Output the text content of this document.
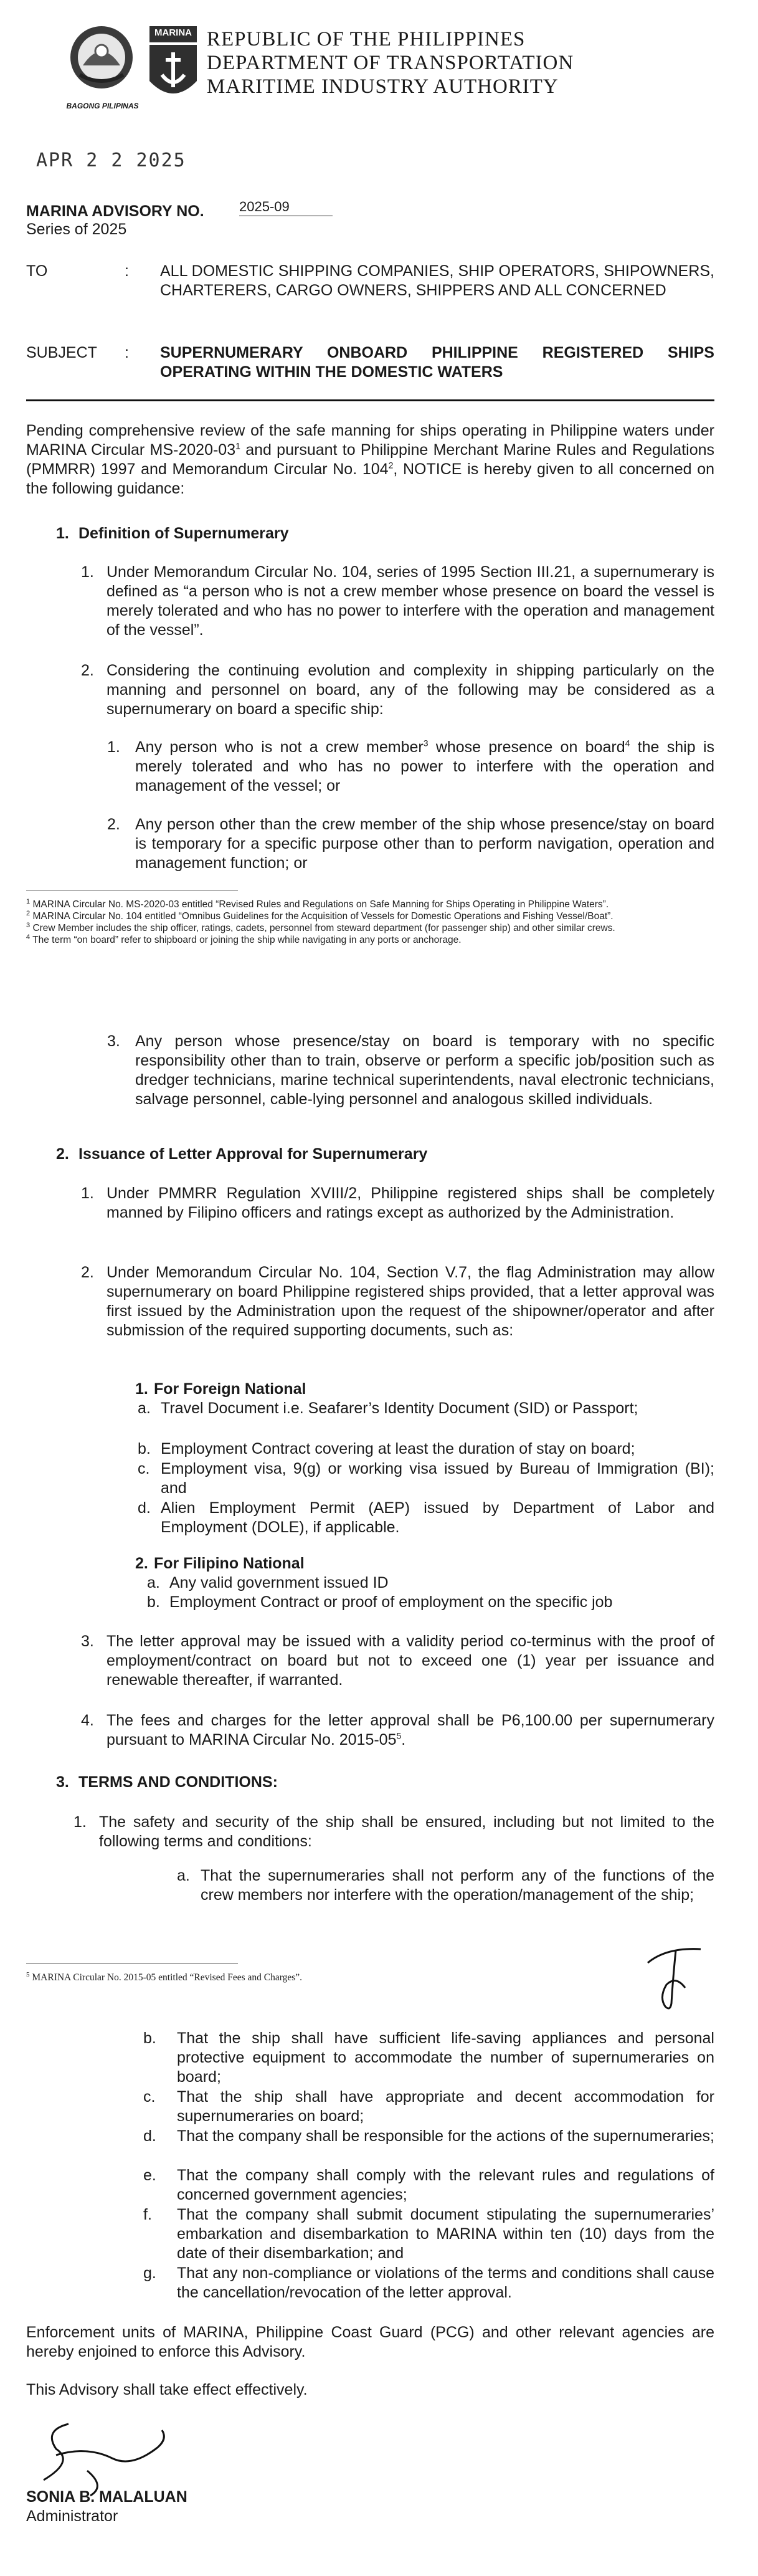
BAGONG PILIPINAS
MARINA REPUBLIC OF THE PHILIPPINES
DEPARTMENT OF TRANSPORTATION
MARITIME INDUSTRY AUTHORITY
APR 2 2 2025
MARINA ADVISORY NO.	2025-09
Series of 2025
TO	: ALL DOMESTIC SHIPPING COMPANIES, SHIP OPERATORS, SHIPOWNERS, CHARTERERS, CARGO OWNERS, SHIPPERS AND ALL CONCERNED
SUBJECT : SUPERNUMERARY ONBOARD PHILIPPINE REGISTERED SHIPS OPERATING WITHIN THE DOMESTIC WATERS
Pending comprehensive review of the safe manning for ships operating in Philippine waters under MARINA Circular $MS-2020-03^1$ and pursuant to Philippine Merchant Marine Rules and Regulations (PMMRR) 1997 and Memorandum Circular No. $104^2$, NOTICE is hereby given to all concerned on the following guidance:
1. Definition of Supernumerary
1. Under Memorandum Circular No. 104, series of 1995 Section III.21, a supernumerary is defined as “a person who is not a crew member whose presence on board the vessel is merely tolerated and who has no power to interfere with the operation and management of the vessel”.
2. Considering the continuing evolution and complexity in shipping particularly on the manning and personnel on board, any of the following may be considered as a supernumerary on board a specific ship:
1. Any person who is not a crew member$^3$ whose presence on board$^4$ the ship is merely tolerated and who has no power to interfere with the operation and management of the vessel; or
2. Any person other than the crew member of the ship whose presence/stay on board is temporary for a specific purpose other than to perform navigation, operation and management function; or
$^1$ MARINA Circular No. MS-2020-03 entitled “Revised Rules and Regulations on Safe Manning for Ships Operating in Philippine Waters”.
$^2$ MARINA Circular No. 104 entitled “Omnibus Guidelines for the Acquisition of Vessels for Domestic Operations and Fishing Vessel/Boat”.
$^3$ Crew Member includes the ship officer, ratings, cadets, personnel from steward department (for passenger ship) and other similar crews.
$^4$ The term “on board” refer to shipboard or joining the ship while navigating in any ports or anchorage.
3. Any person whose presence/stay on board is temporary with no specific responsibility other than to train, observe or perform a specific job/position such as dredger technicians, marine technical superintendents, naval electronic technicians, salvage personnel, cable-lying personnel and analogous skilled individuals.
2. Issuance of Letter Approval for Supernumerary
1. Under PMMRR Regulation XVIII/2, Philippine registered ships shall be completely manned by Filipino officers and ratings except as authorized by the Administration.
2. Under Memorandum Circular No. 104, Section V.7, the flag Administration may allow supernumerary on board Philippine registered ships provided, that a letter approval was first issued by the Administration upon the request of the shipowner/operator and after submission of the required supporting documents, such as:
1. For Foreign National
a. Travel Document i.e. Seafarer’s Identity Document (SID) or Passport;
b. Employment Contract covering at least the duration of stay on board;
c. Employment visa, 9(g) or working visa issued by Bureau of Immigration (BI); and
d. Alien Employment Permit (AEP) issued by Department of Labor and Employment (DOLE), if applicable.
2. For Filipino National
a. Any valid government issued ID
b. Employment Contract or proof of employment on the specific job
3. The letter approval may be issued with a validity period co-terminus with the proof of employment/contract on board but not to exceed one (1) year per issuance and renewable thereafter, if warranted.
4. The fees and charges for the letter approval shall be P6,100.00 per supernumerary pursuant to MARINA Circular No. $2015-05^5$.
3. TERMS AND CONDITIONS:
1. The safety and security of the ship shall be ensured, including but not limited to the following terms and conditions:
a. That the supernumeraries shall not perform any of the functions of the crew members nor interfere with the operation/management of the ship;
$^5$ MARINA Circular No. 2015-05 entitled “Revised Fees and Charges”.
b. That the ship shall have sufficient life-saving appliances and personal protective equipment to accommodate the number of supernumeraries on board;
c. That the ship shall have appropriate and decent accommodation for supernumeraries on board;
d. That the company shall be responsible for the actions of the supernumeraries;
e. That the company shall comply with the relevant rules and regulations of concerned government agencies;
f. That the company shall submit document stipulating the supernumeraries’ embarkation and disembarkation to MARINA within ten (10) days from the date of their disembarkation; and
g. That any non-compliance or violations of the terms and conditions shall cause the cancellation/revocation of the letter approval.
Enforcement units of MARINA, Philippine Coast Guard (PCG) and other relevant agencies are hereby enjoined to enforce this Advisory.
This Advisory shall take effect effectively.
SONIA B. MALALUAN
Administrator
